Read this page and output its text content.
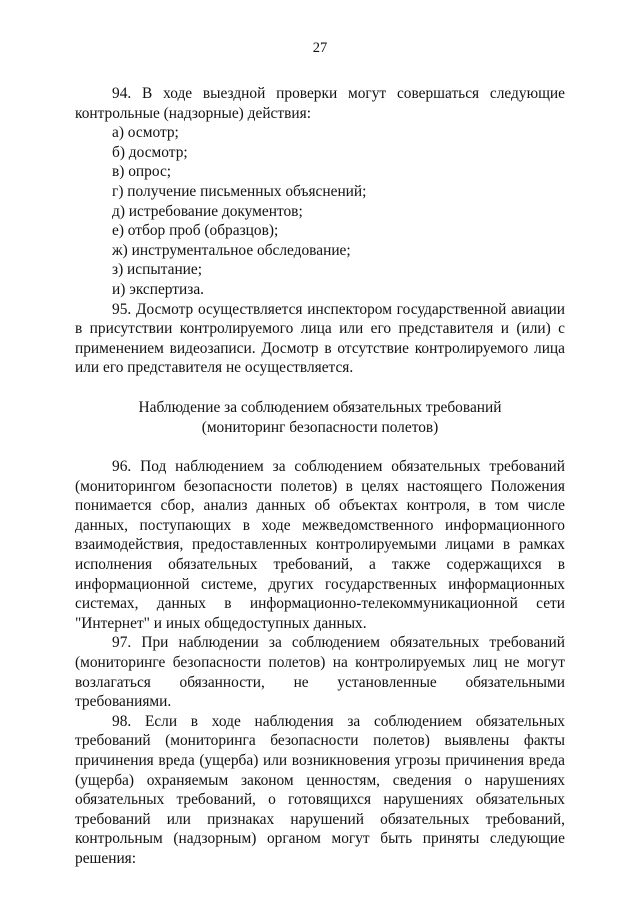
27

94. В ходе выездной проверки могут совершаться следующие контрольные (надзорные) действия:

а) осмотр;

б) досмотр;

в) опрос;

г) получение письменных объяснений;

д) истребование документов;

е) отбор проб (образцов);

ж) инструментальное обследование;

з) испытание;

и) экспертиза.

95. Досмотр осуществляется инспектором государственной авиации в присутствии контролируемого лица или его представителя и (или) с применением видеозаписи. Досмотр в отсутствие контролируемого лица или его представителя не осуществляется.

Наблюдение за соблюдением обязательных требований
(мониторинг безопасности полетов)

96. Под наблюдением за соблюдением обязательных требований (мониторингом безопасности полетов) в целях настоящего Положения понимается сбор, анализ данных об объектах контроля, в том числе данных, поступающих в ходе межведомственного информационного взаимодействия, предоставленных контролируемыми лицами в рамках исполнения обязательных требований, а также содержащихся в информационной системе, других государственных информационных системах, данных в информационно-телекоммуникационной сети "Интернет" и иных общедоступных данных.

97. При наблюдении за соблюдением обязательных требований (мониторинге безопасности полетов) на контролируемых лиц не могут возлагаться обязанности, не установленные обязательными требованиями.

98. Если в ходе наблюдения за соблюдением обязательных требований (мониторинга безопасности полетов) выявлены факты причинения вреда (ущерба) или возникновения угрозы причинения вреда (ущерба) охраняемым законом ценностям, сведения о нарушениях обязательных требований, о готовящихся нарушениях обязательных требований или признаках нарушений обязательных требований, контрольным (надзорным) органом могут быть приняты следующие решения:
